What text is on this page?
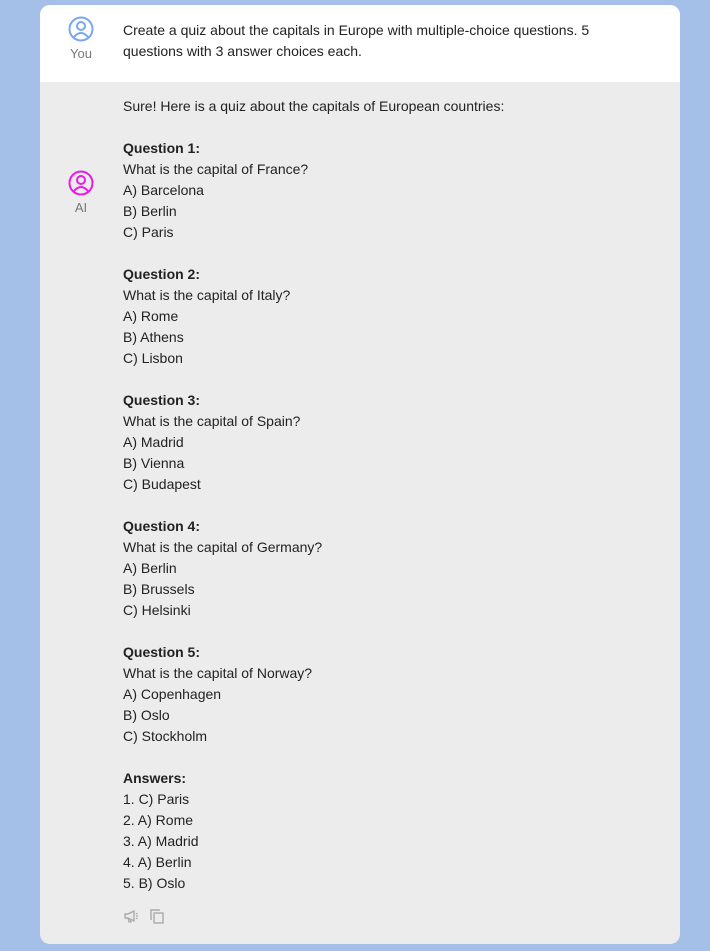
You
Create a quiz about the capitals in Europe with multiple-choice questions. 5
questions with 3 answer choices each.
AI
Sure! Here is a quiz about the capitals of European countries:
Question 1:
What is the capital of France?
A) Barcelona
B) Berlin
C) Paris
Question 2:
What is the capital of Italy?
A) Rome
B) Athens
C) Lisbon
Question 3:
What is the capital of Spain?
A) Madrid
B) Vienna
C) Budapest
Question 4:
What is the capital of Germany?
A) Berlin
B) Brussels
C) Helsinki
Question 5:
What is the capital of Norway?
A) Copenhagen
B) Oslo
C) Stockholm
Answers:
1. C) Paris
2. A) Rome
3. A) Madrid
4. A) Berlin
5. B) Oslo
